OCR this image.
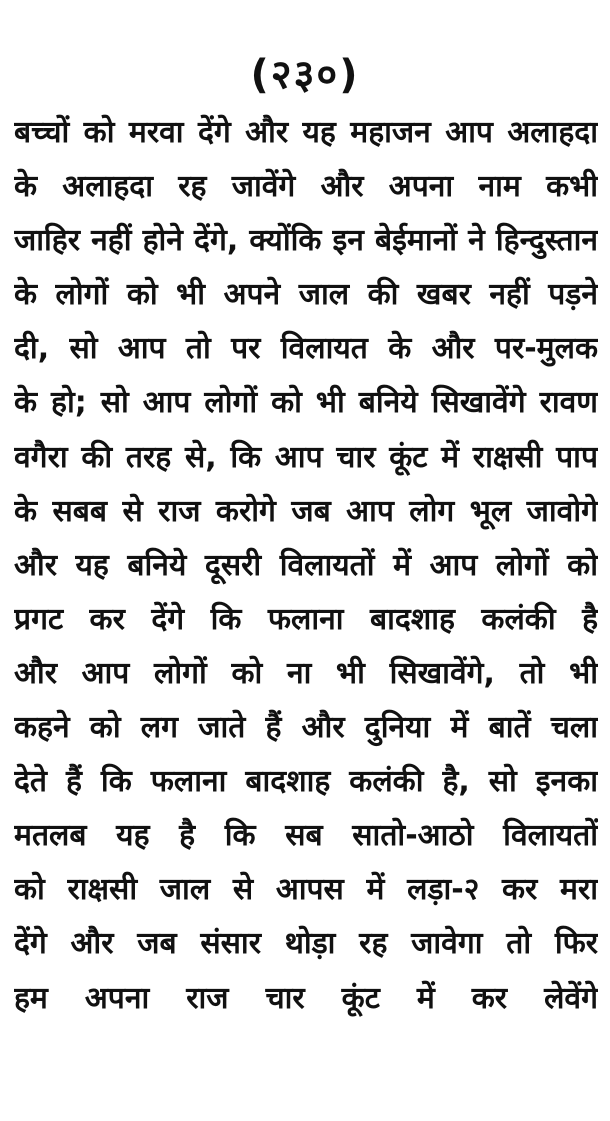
(२३०)
बच्चों को मरवा देंगे और यह महाजन आप अलाहदा
के अलाहदा रह जावेंगे और अपना नाम कभी
जाहिर नहीं होने देंगे, क्योंकि इन बेईमानों ने हिन्दुस्तान
के लोगों को भी अपने जाल की खबर नहीं पड़ने
दी, सो आप तो पर विलायत के और पर-मुलक
के हो; सो आप लोगों को भी बनिये सिखावेंगे रावण
वगैरा की तरह से, कि आप चार कूंट में राक्षसी पाप
के सबब से राज करोगे जब आप लोग भूल जावोगे
और यह बनिये दूसरी विलायतों में आप लोगों को
प्रगट कर देंगे कि फलाना बादशाह कलंकी है
और आप लोगों को ना भी सिखावेंगे, तो भी
कहने को लग जाते हैं और दुनिया में बातें चला
देते हैं कि फलाना बादशाह कलंकी है, सो इनका
मतलब यह है कि सब सातो-आठो विलायतों
को राक्षसी जाल से आपस में लड़ा-२ कर मरा
देंगे और जब संसार थोड़ा रह जावेगा तो फिर
हम अपना राज चार कूंट में कर लेवेंगे
